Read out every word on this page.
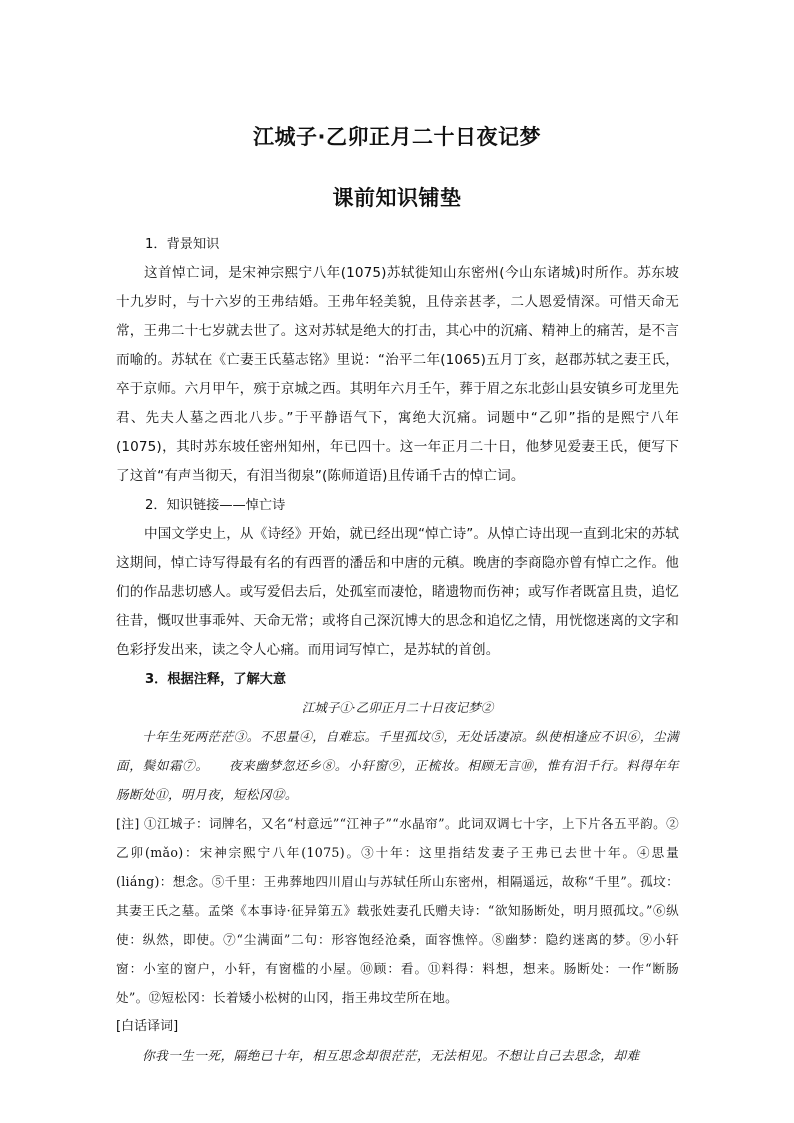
江城子·乙卯正月二十日夜记梦
课前知识铺垫

1．背景知识

这首悼亡词，是宋神宗熙宁八年(1075)苏轼徙知山东密州(今山东诸城)时所作。苏东坡十九岁时，与十六岁的王弗结婚。王弗年轻美貌，且侍亲甚孝，二人恩爱情深。可惜天命无常，王弗二十七岁就去世了。这对苏轼是绝大的打击，其心中的沉痛、精神上的痛苦，是不言而喻的。苏轼在《亡妻王氏墓志铭》里说：“治平二年(1065)五月丁亥，赵郡苏轼之妻王氏，卒于京师。六月甲午，殡于京城之西。其明年六月壬午，葬于眉之东北彭山县安镇乡可龙里先君、先夫人墓之西北八步。”于平静语气下，寓绝大沉痛。词题中“乙卯”指的是熙宁八年(1075)，其时苏东坡任密州知州，年已四十。这一年正月二十日，他梦见爱妻王氏，便写下了这首“有声当彻天，有泪当彻泉”(陈师道语)且传诵千古的悼亡词。

2．知识链接——悼亡诗

中国文学史上，从《诗经》开始，就已经出现“悼亡诗”。从悼亡诗出现一直到北宋的苏轼这期间，悼亡诗写得最有名的有西晋的潘岳和中唐的元稹。晚唐的李商隐亦曾有悼亡之作。他们的作品悲切感人。或写爱侣去后，处孤室而凄怆，睹遗物而伤神；或写作者既富且贵，追忆往昔，慨叹世事乖舛、天命无常；或将自己深沉博大的思念和追忆之情，用恍惚迷离的文字和色彩抒发出来，读之令人心痛。而用词写悼亡，是苏轼的首创。

3．根据注释，了解大意

江城子①·乙卯正月二十日夜记梦②

十年生死两茫茫③。不思量④，自难忘。千里孤坟⑤，无处话凄凉。纵使相逢应不识⑥，尘满面，鬓如霜⑦。　　夜来幽梦忽还乡⑧。小轩窗⑨，正梳妆。相顾无言⑩，惟有泪千行。料得年年肠断处⑪，明月夜，短松冈⑫。

[注] ①江城子：词牌名，又名“村意远”“江神子”“水晶帘”。此词双调七十字，上下片各五平韵。②乙卯(mǎo)：宋神宗熙宁八年(1075)。③十年：这里指结发妻子王弗已去世十年。④思量(liáng)：想念。⑤千里：王弗葬地四川眉山与苏轼任所山东密州，相隔遥远，故称“千里”。孤坟：其妻王氏之墓。孟棨《本事诗·征异第五》载张姓妻孔氏赠夫诗：“欲知肠断处，明月照孤坟。”⑥纵使：纵然，即使。⑦“尘满面”二句：形容饱经沧桑，面容憔悴。⑧幽梦：隐约迷离的梦。⑨小轩窗：小室的窗户，小轩，有窗槛的小屋。⑩顾：看。⑪料得：料想，想来。肠断处：一作“断肠处”。⑫短松冈：长着矮小松树的山冈，指王弗坟茔所在地。

[白话译词]

你我一生一死，隔绝已十年，相互思念却很茫茫，无法相见。不想让自己去思念，却难
